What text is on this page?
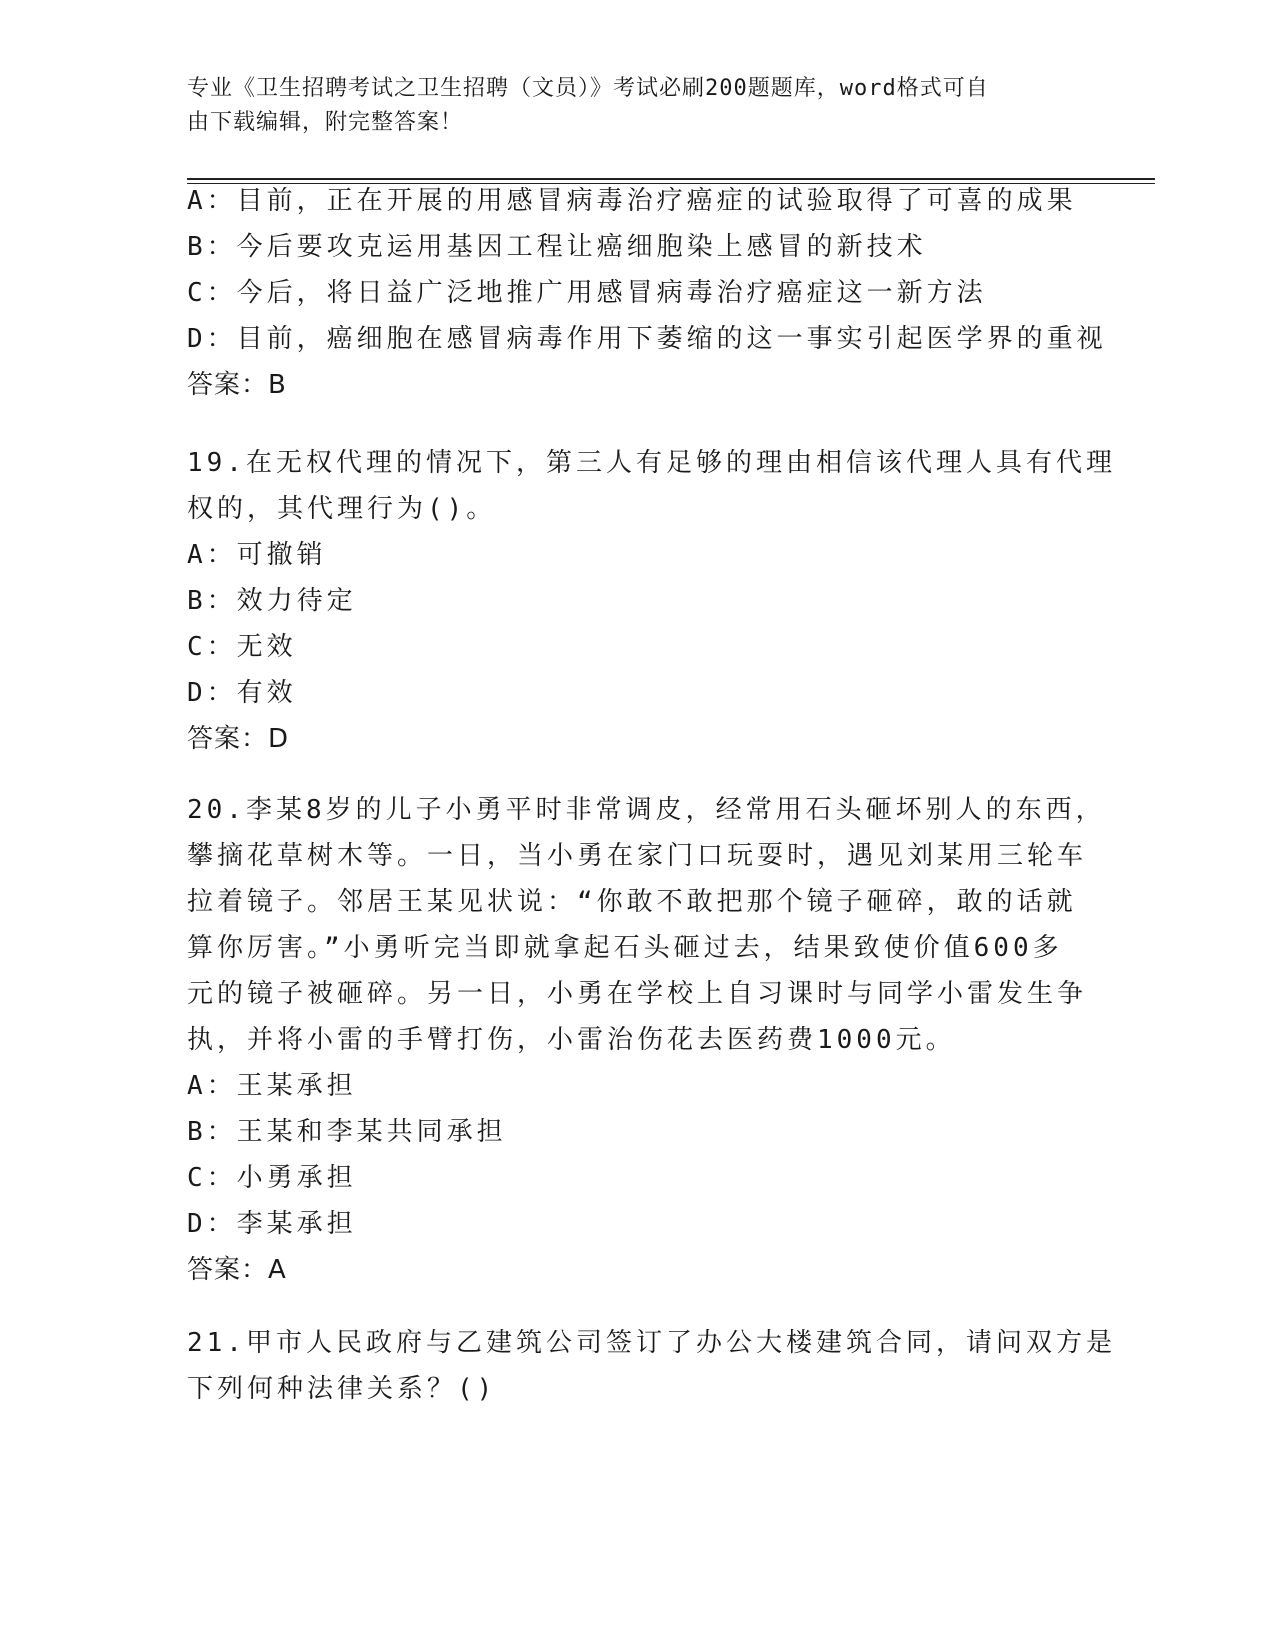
专业《卫生招聘考试之卫生招聘（文员）》考试必刷200题题库，word格式可自
由下载编辑，附完整答案！
A：目前，正在开展的用感冒病毒治疗癌症的试验取得了可喜的成果
B：今后要攻克运用基因工程让癌细胞染上感冒的新技术
C：今后，将日益广泛地推广用感冒病毒治疗癌症这一新方法
D：目前，癌细胞在感冒病毒作用下萎缩的这一事实引起医学界的重视
答案：B
19.在无权代理的情况下，第三人有足够的理由相信该代理人具有代理
权的，其代理行为()。
A：可撤销
B：效力待定
C：无效
D：有效
答案：D
20.李某8岁的儿子小勇平时非常调皮，经常用石头砸坏别人的东西，
攀摘花草树木等。一日，当小勇在家门口玩耍时，遇见刘某用三轮车
拉着镜子。邻居王某见状说：“你敢不敢把那个镜子砸碎，敢的话就
算你厉害。”小勇听完当即就拿起石头砸过去，结果致使价值600多
元的镜子被砸碎。另一日，小勇在学校上自习课时与同学小雷发生争
执，并将小雷的手臂打伤，小雷治伤花去医药费1000元。
A：王某承担
B：王某和李某共同承担
C：小勇承担
D：李某承担
答案：A
21.甲市人民政府与乙建筑公司签订了办公大楼建筑合同，请问双方是
下列何种法律关系？()
